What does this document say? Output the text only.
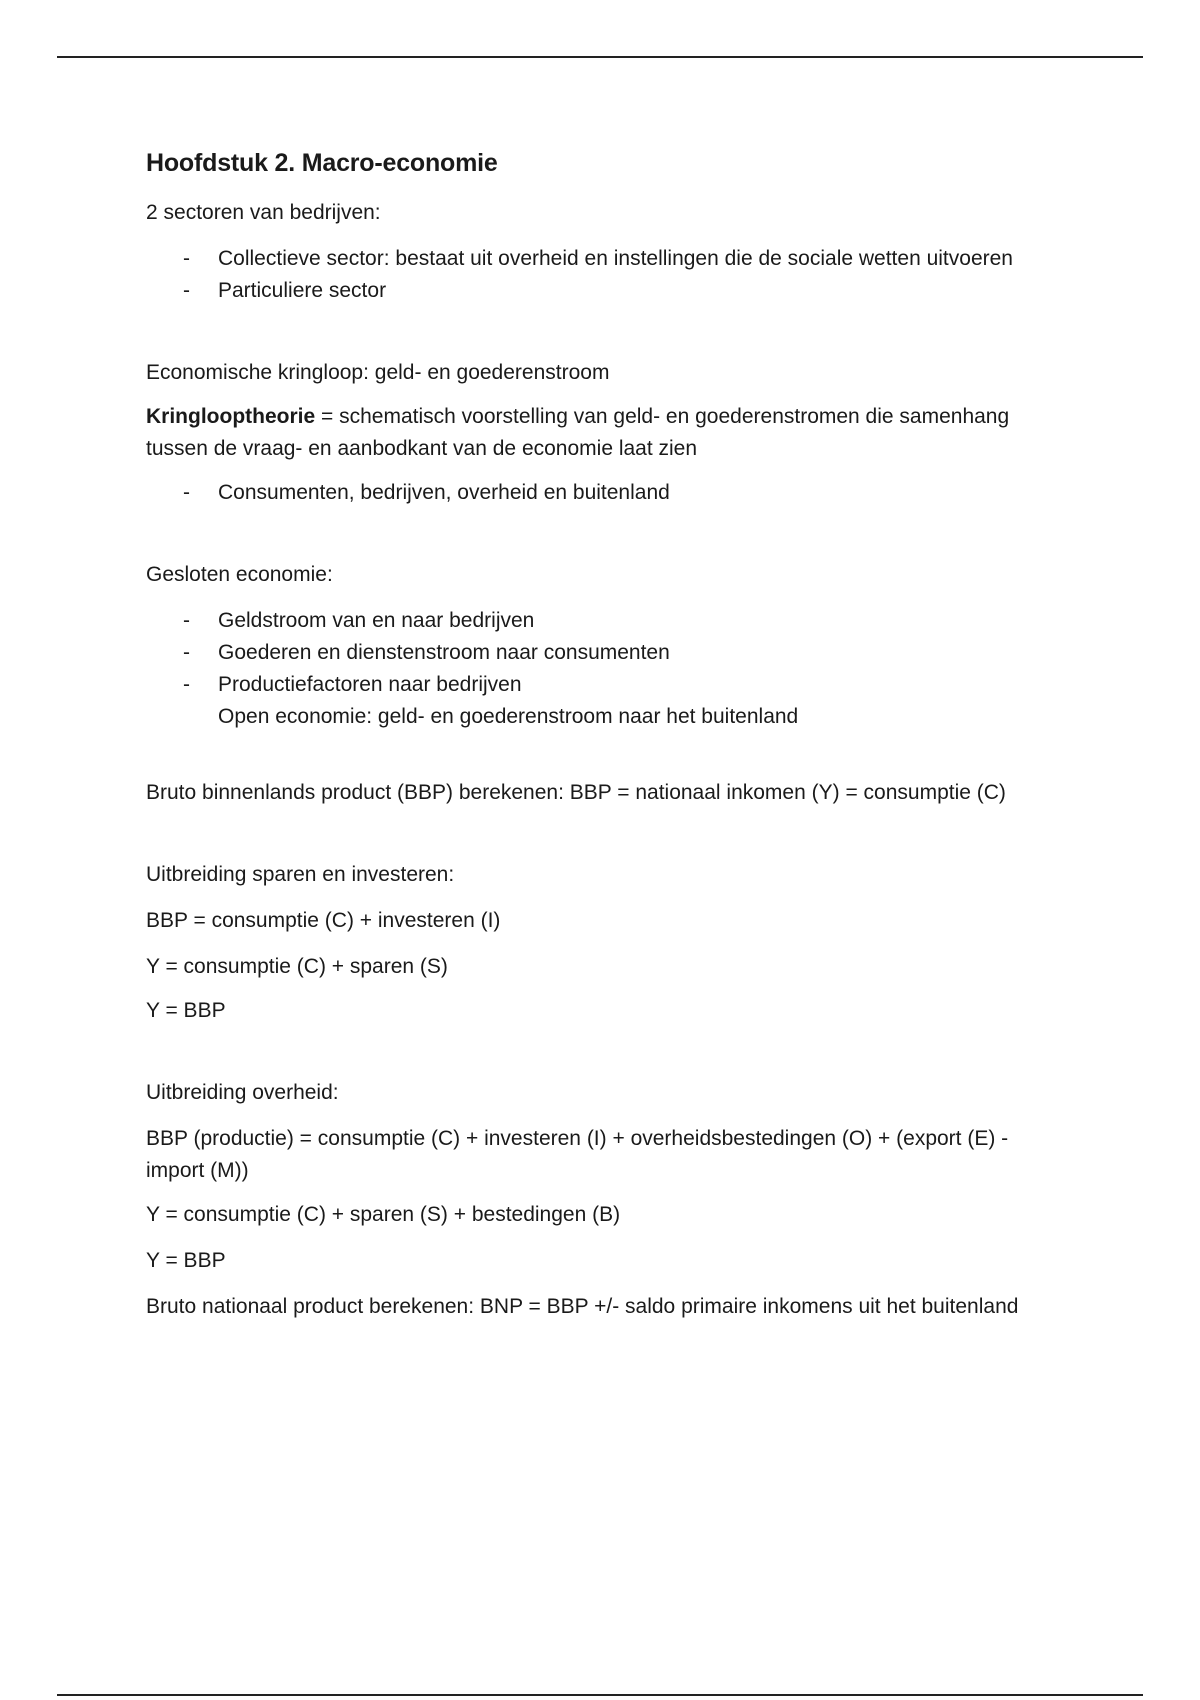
Hoofdstuk 2. Macro-economie

2 sectoren van bedrijven:

- Collectieve sector: bestaat uit overheid en instellingen die de sociale wetten uitvoeren
- Particuliere sector

Economische kringloop: geld- en goederenstroom

Kringlooptheorie = schematisch voorstelling van geld- en goederenstromen die samenhang tussen de vraag- en aanbodkant van de economie laat zien

- Consumenten, bedrijven, overheid en buitenland

Gesloten economie:

- Geldstroom van en naar bedrijven
- Goederen en dienstenstroom naar consumenten
- Productiefactoren naar bedrijven

Open economie: geld- en goederenstroom naar het buitenland

Bruto binnenlands product (BBP) berekenen: BBP = nationaal inkomen (Y) = consumptie (C)

Uitbreiding sparen en investeren:

BBP = consumptie (C) + investeren (I)

Y = consumptie (C) + sparen (S)

Y = BBP

Uitbreiding overheid:

BBP (productie) = consumptie (C) + investeren (I) + overheidsbestedingen (O) + (export (E) - import (M))

Y = consumptie (C) + sparen (S) + bestedingen (B)

Y = BBP

Bruto nationaal product berekenen: BNP = BBP +/- saldo primaire inkomens uit het buitenland
